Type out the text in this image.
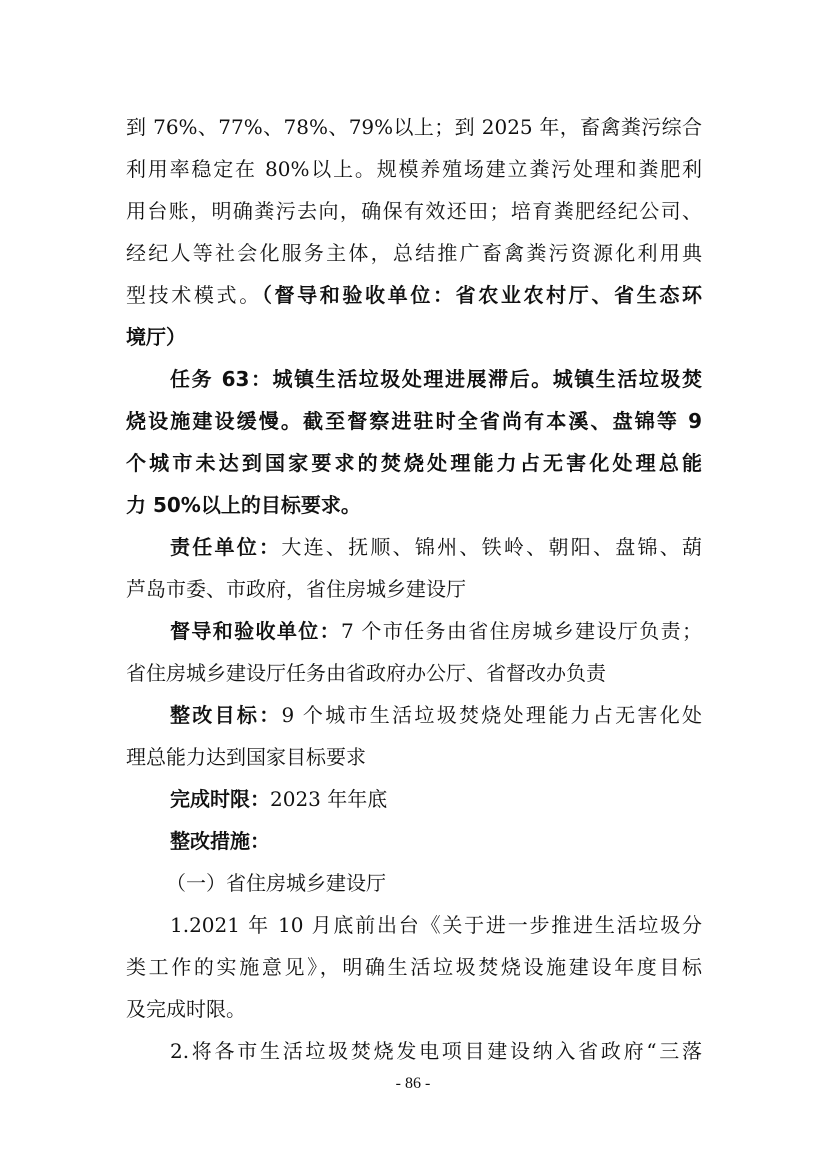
到 76%、77%、78%、79%以上；到 2025 年，畜禽粪污综合
利用率稳定在 80%以上。规模养殖场建立粪污处理和粪肥利
用台账，明确粪污去向，确保有效还田；培育粪肥经纪公司、
经纪人等社会化服务主体，总结推广畜禽粪污资源化利用典
型技术模式。（督导和验收单位：省农业农村厅、省生态环
境厅）
任务 63：城镇生活垃圾处理进展滞后。城镇生活垃圾焚
烧设施建设缓慢。截至督察进驻时全省尚有本溪、盘锦等 9
个城市未达到国家要求的焚烧处理能力占无害化处理总能
力 50%以上的目标要求。
责任单位：大连、抚顺、锦州、铁岭、朝阳、盘锦、葫
芦岛市委、市政府，省住房城乡建设厅
督导和验收单位：7 个市任务由省住房城乡建设厅负责；
省住房城乡建设厅任务由省政府办公厅、省督改办负责
整改目标：9 个城市生活垃圾焚烧处理能力占无害化处
理总能力达到国家目标要求
完成时限：2023 年年底
整改措施：
（一）省住房城乡建设厅
1.2021 年 10 月底前出台《关于进一步推进生活垃圾分
类工作的实施意见》，明确生活垃圾焚烧设施建设年度目标
及完成时限。
2.将各市生活垃圾焚烧发电项目建设纳入省政府“三落
- 86 -
